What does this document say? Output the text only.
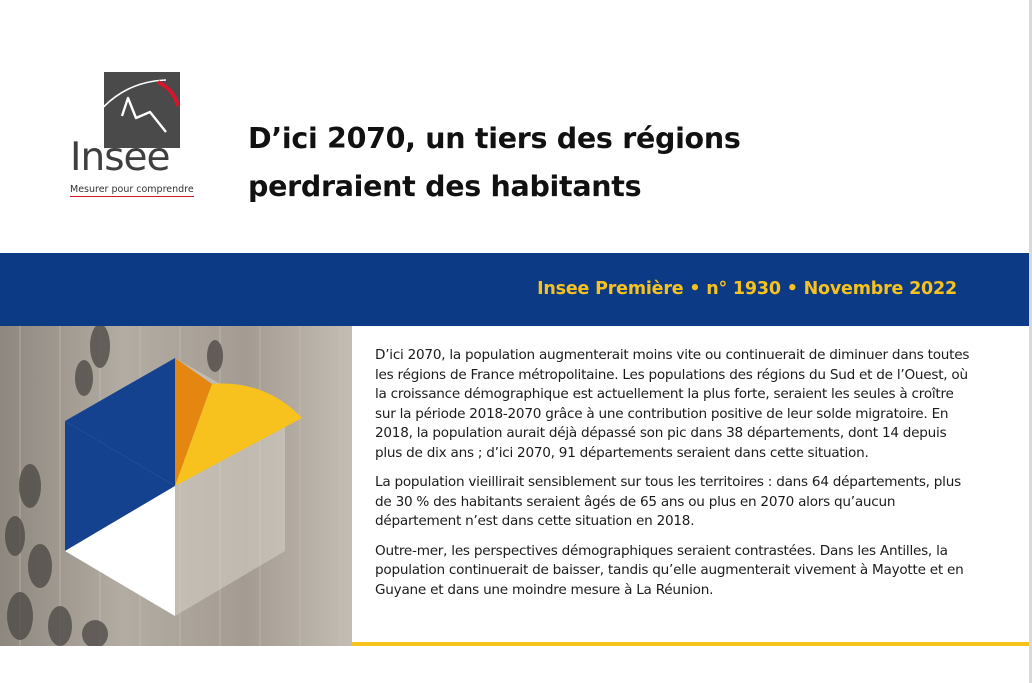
Insee
Mesurer pour comprendre
D’ici 2070, un tiers des régions perdraient des habitants
Insee Première • n° 1930 • Novembre 2022

D’ici 2070, la population augmenterait moins vite ou continuerait de diminuer dans toutes les régions de France métropolitaine. Les populations des régions du Sud et de l’Ouest, où la croissance démographique est actuellement la plus forte, seraient les seules à croître sur la période 2018-2070 grâce à une contribution positive de leur solde migratoire. En 2018, la population aurait déjà dépassé son pic dans 38 départements, dont 14 depuis plus de dix ans ; d’ici 2070, 91 départements seraient dans cette situation.

La population vieillirait sensiblement sur tous les territoires : dans 64 départements, plus de 30 % des habitants seraient âgés de 65 ans ou plus en 2070 alors qu’aucun département n’est dans cette situation en 2018.

Outre-mer, les perspectives démographiques seraient contrastées. Dans les Antilles, la population continuerait de baisser, tandis qu’elle augmenterait vivement à Mayotte et en Guyane et dans une moindre mesure à La Réunion.
